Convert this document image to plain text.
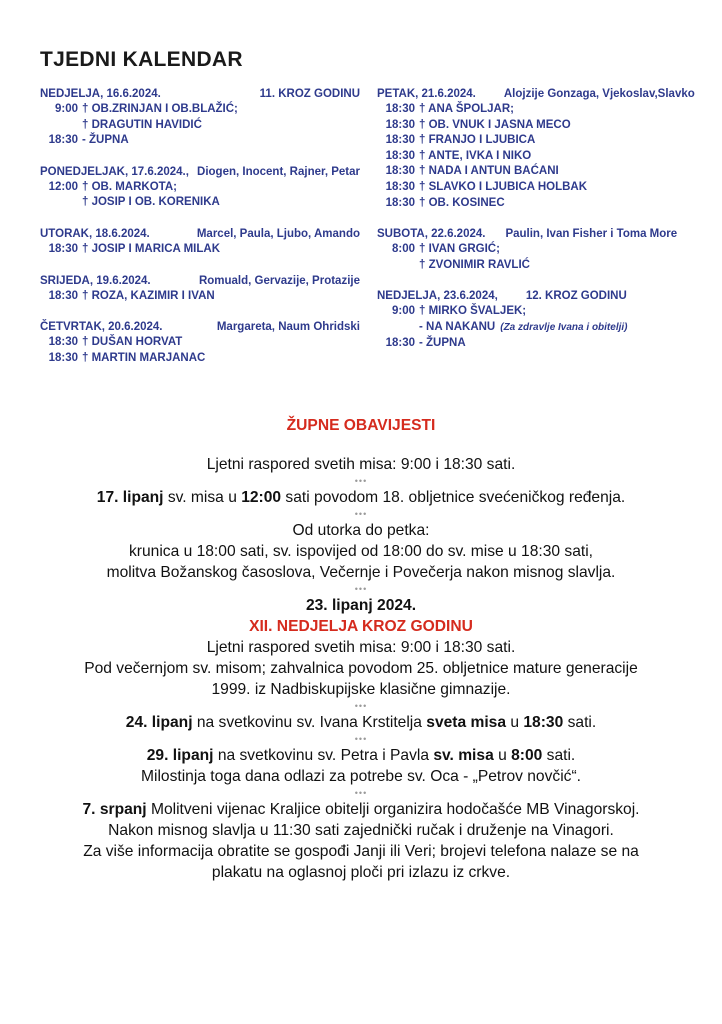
TJEDNI KALENDAR
NEDJELJA, 16.6.2024.	11. KROZ GODINU
9:00 † OB.ZRINJAN I OB.BLAŽIĆ;
† DRAGUTIN HAVIDIĆ
18:30 - ŽUPNA
PONEDJELJAK, 17.6.2024., Diogen, Inocent, Rajner, Petar
12:00 † OB. MARKOTA;
† JOSIP I OB. KORENIKA
UTORAK, 18.6.2024.	Marcel, Paula, Ljubo, Amando
18:30 † JOSIP I MARICA MILAK
SRIJEDA, 19.6.2024.	Romuald, Gervazije, Protazije
18:30 † ROZA, KAZIMIR I IVAN
ČETVRTAK, 20.6.2024.	Margareta, Naum Ohridski
18:30 † DUŠAN HORVAT
18:30 † MARTIN MARJANAC
PETAK, 21.6.2024. Alojzije Gonzaga, Vjekoslav,Slavko
18:30 † ANA ŠPOLJAR;
18:30 † OB. VNUK I JASNA MECO
18:30 † FRANJO I LJUBICA
18:30 † ANTE, IVKA I NIKO
18:30 † NADA I ANTUN BAĆANI
18:30 † SLAVKO I LJUBICA HOLBAK
18:30 † OB. KOSINEC
SUBOTA, 22.6.2024. Paulin, Ivan Fisher i Toma More
8:00 † IVAN GRGIĆ;
† ZVONIMIR RAVLIĆ
NEDJELJA, 23.6.2024, 12. KROZ GODINU
9:00 † MIRKO ŠVALJEK;
- NA NAKANU (Za zdravlje Ivana i obitelji)
18:30 - ŽUPNA
ŽUPNE OBAVIJESTI
Ljetni raspored svetih misa: 9:00 i 18:30 sati.
•••
17. lipanj sv. misa u 12:00 sati povodom 18. obljetnice svećeničkog ređenja.
•••
Od utorka do petka:
krunica u 18:00 sati, sv. ispovijed od 18:00 do sv. mise u 18:30 sati,
molitva Božanskog časoslova, Večernje i Povečerja nakon misnog slavlja.
•••
23. lipanj 2024.
XII. NEDJELJA KROZ GODINU
Ljetni raspored svetih misa: 9:00 i 18:30 sati.
Pod večernjom sv. misom; zahvalnica povodom 25. obljetnice mature generacije
1999. iz Nadbiskupijske klasične gimnazije.
•••
24. lipanj na svetkovinu sv. Ivana Krstitelja sveta misa u 18:30 sati.
•••
29. lipanj na svetkovinu sv. Petra i Pavla sv. misa u 8:00 sati.
Milostinja toga dana odlazi za potrebe sv. Oca - „Petrov novčić“.
•••
7. srpanj Molitveni vijenac Kraljice obitelji organizira hodočašće MB Vinagorskoj.
Nakon misnog slavlja u 11:30 sati zajednički ručak i druženje na Vinagori.
Za više informacija obratite se gospođi Janji ili Veri; brojevi telefona nalaze se na
plakatu na oglasnoj ploči pri izlazu iz crkve.
